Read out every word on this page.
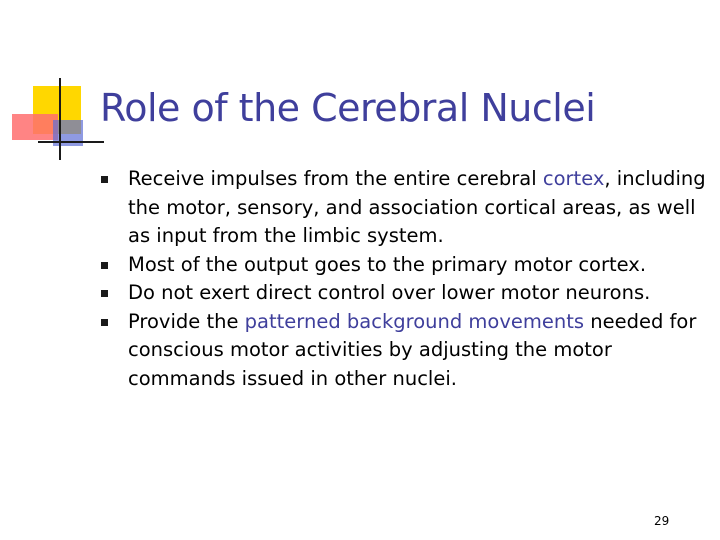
Role of the Cerebral Nuclei
Receive impulses from the entire cerebral cortex, including the motor, sensory, and association cortical areas, as well as input from the limbic system.
Most of the output goes to the primary motor cortex.
Do not exert direct control over lower motor neurons.
Provide the patterned background movements needed for conscious motor activities by adjusting the motor commands issued in other nuclei.
29
